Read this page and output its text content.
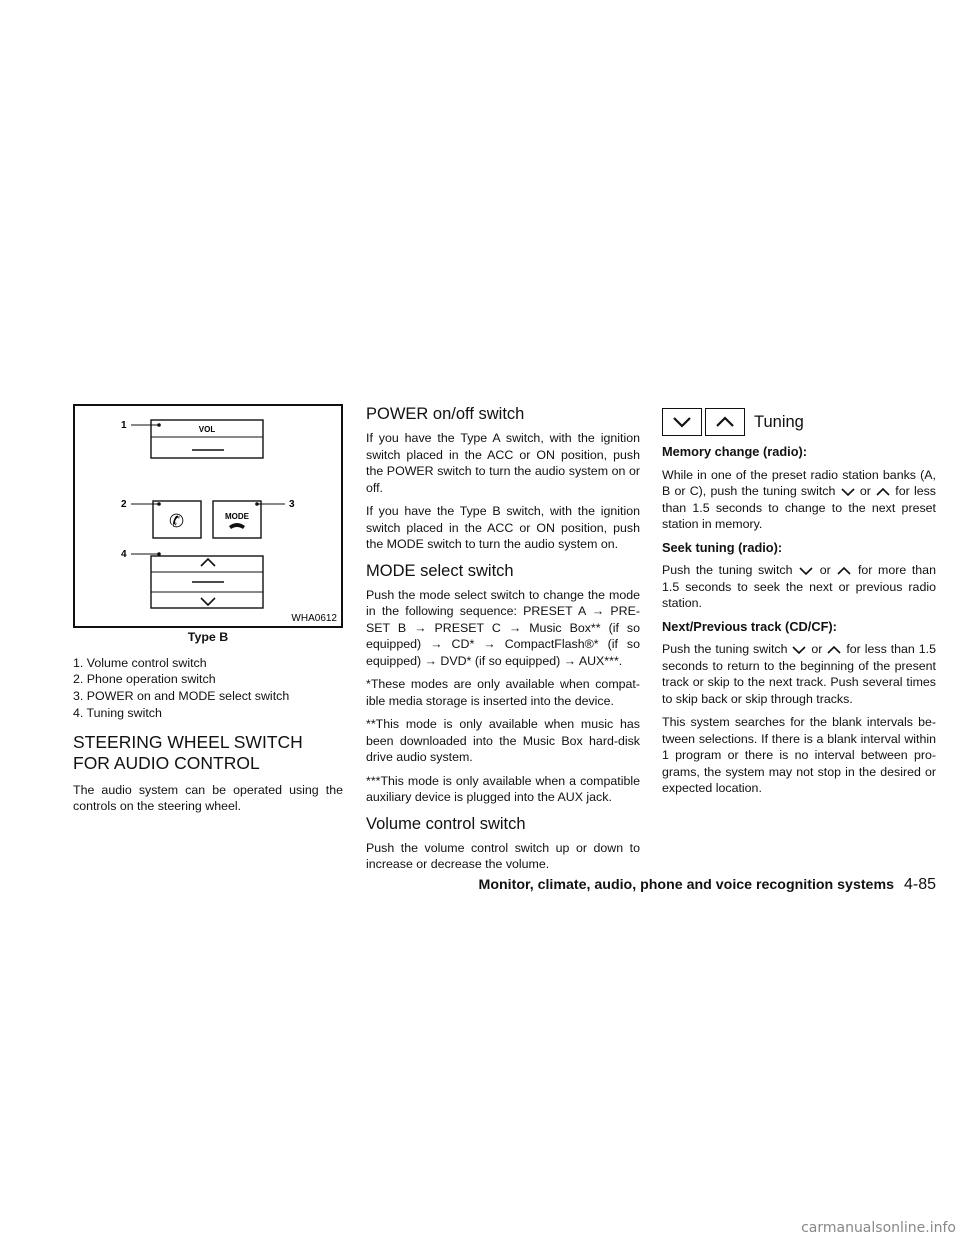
VOL
1
✆	MODE
2	3
4
WHA0612
Type B
1. Volume control switch
2. Phone operation switch
3. POWER on and MODE select switch
4. Tuning switch
STEERING WHEEL SWITCH FOR AUDIO CONTROL

The audio system can be operated using the controls on the steering wheel.

POWER on/off switch

If you have the Type A switch, with the ignition switch placed in the ACC or ON position, push the POWER switch to turn the audio system on or off.

If you have the Type B switch, with the ignition switch placed in the ACC or ON position, push the MODE switch to turn the audio system on.

MODE select switch

Push the mode select switch to change the mode in the following sequence: PRESET A → PRE-SET B → PRESET C → Music Box** (if so equipped) → CD* → CompactFlash®* (if so equipped) → DVD* (if so equipped) → AUX***.

*These modes are only available when compat-ible media storage is inserted into the device.

**This mode is only available when music has been downloaded into the Music Box hard-disk drive audio system.

***This mode is only available when a compatible auxiliary device is plugged into the AUX jack.

Volume control switch

Push the volume control switch up or down to increase or decrease the volume.

Tuning
Memory change (radio):

While in one of the preset radio station banks (A, B or C), push the tuning switch or for less than 1.5 seconds to change to the next preset station in memory.

Seek tuning (radio):

Push the tuning switch or for more than 1.5 seconds to seek the next or previous radio station.

Next/Previous track (CD/CF):

Push the tuning switch or for less than 1.5 seconds to return to the beginning of the present track or skip to the next track. Push several times to skip back or skip through tracks.

This system searches for the blank intervals be-tween selections. If there is a blank interval within 1 program or there is no interval between pro-grams, the system may not stop in the desired or expected location.

Monitor, climate, audio, phone and voice recognition systems 4-85
carmanualsonline.info
